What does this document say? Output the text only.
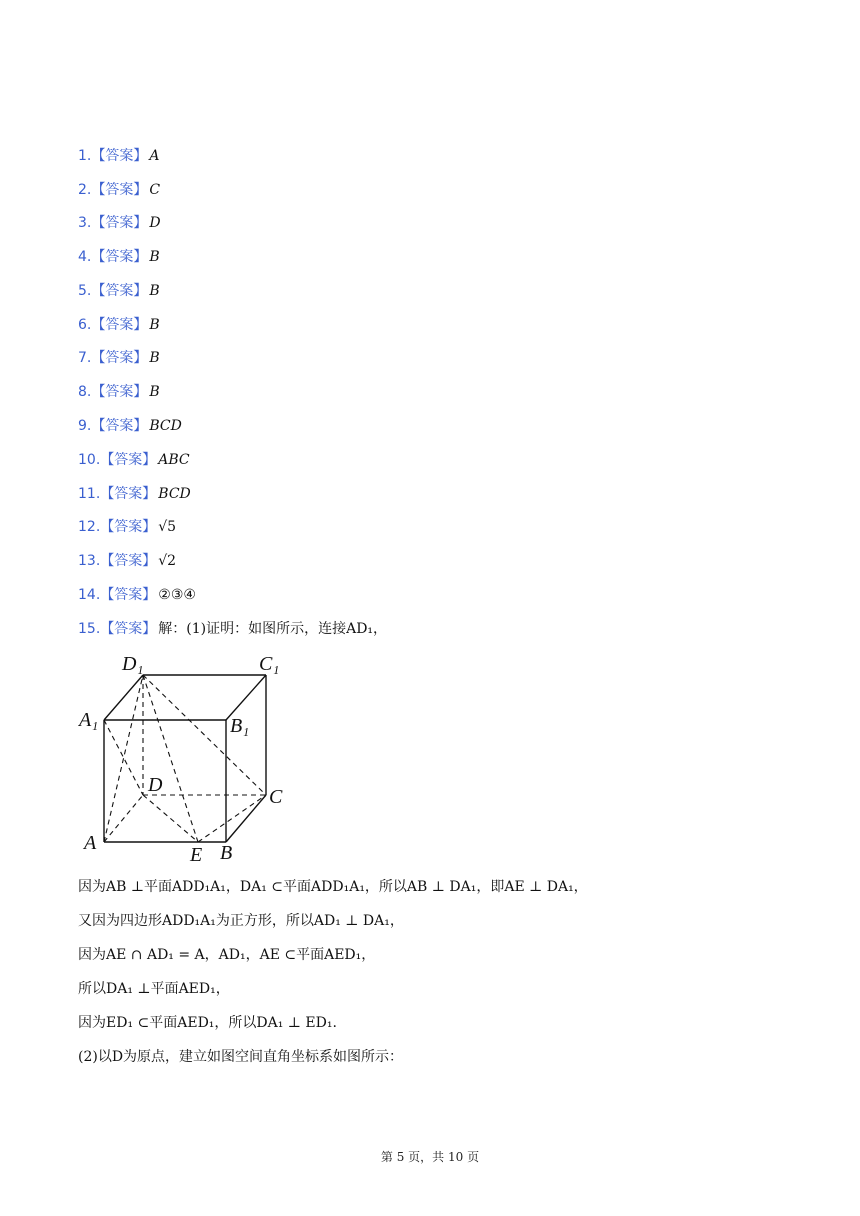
1.【答案】 A
2.【答案】 C
3.【答案】 D
4.【答案】 B
5.【答案】 B
6.【答案】 B
7.【答案】 B
8.【答案】 B
9.【答案】 BCD
10.【答案】 ABC
11.【答案】 BCD
12.【答案】 √5
13.【答案】 √2
14.【答案】 ②③④
15.【答案】 解：(1)证明：如图所示，连接AD₁，
D₁	C₁
A₁	B₁
D
C
A
E B
因为AB ⊥平面ADD₁A₁，DA₁ ⊂平面ADD₁A₁，所以AB ⊥ DA₁，即AE ⊥ DA₁，
又因为四边形ADD₁A₁为正方形，所以AD₁ ⊥ DA₁，
因为AE ∩ AD₁ = A，AD₁，AE ⊂平面AED₁，
所以DA₁ ⊥平面AED₁，
因为ED₁ ⊂平面AED₁，所以DA₁ ⊥ ED₁.
(2)以D为原点，建立如图空间直角坐标系如图所示：
第 5 页，共 10 页
